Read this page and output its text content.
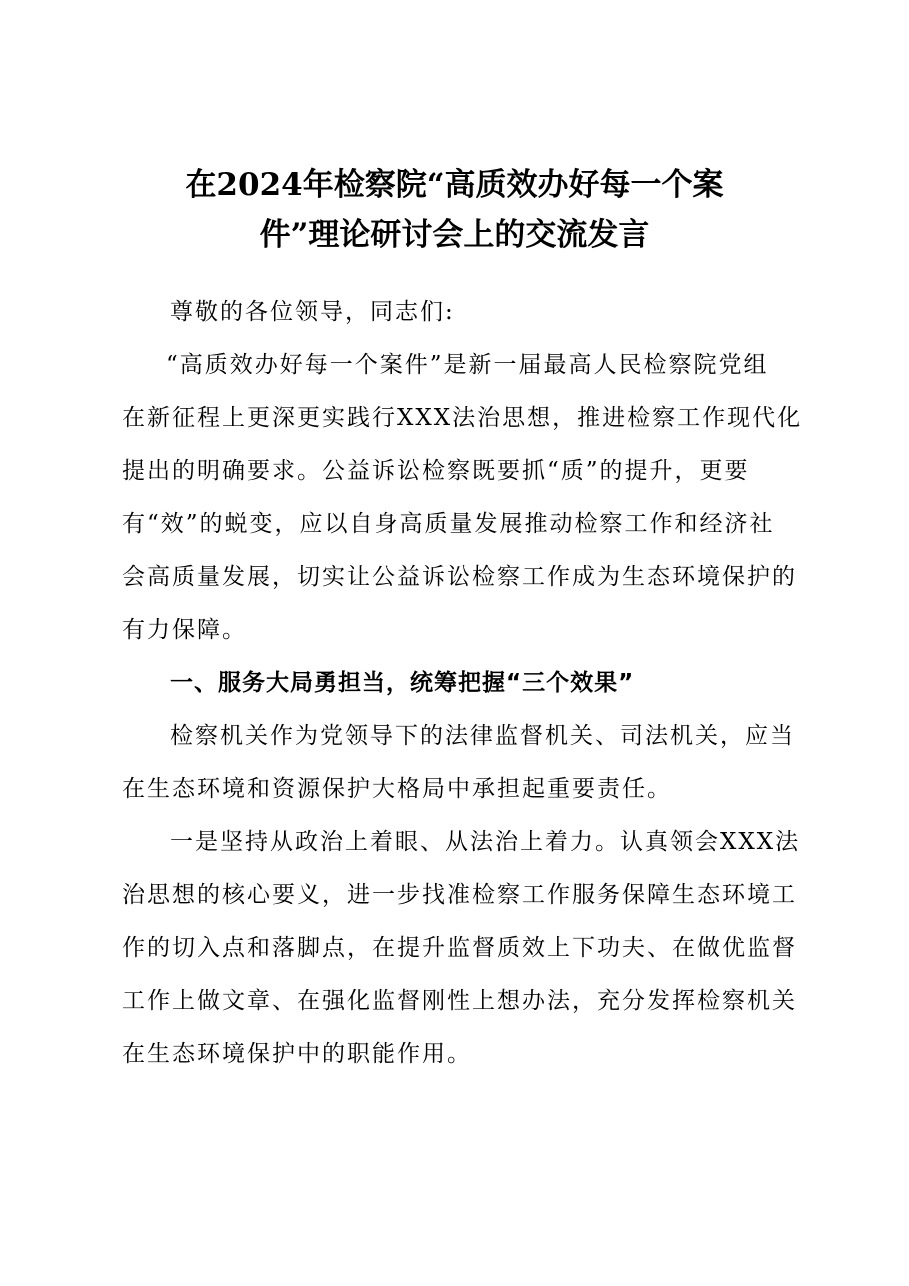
在2024年检察院“高质效办好每一个案
件”理论研讨会上的交流发言

尊敬的各位领导，同志们:

“高质效办好每一个案件”是新一届最高人民检察院党组
在新征程上更深更实践行XXX法治思想，推进检察工作现代化
提出的明确要求。公益诉讼检察既要抓“质”的提升，更要
有“效”的蜕变，应以自身高质量发展推动检察工作和经济社
会高质量发展，切实让公益诉讼检察工作成为生态环境保护的
有力保障。

一、服务大局勇担当，统筹把握“三个效果”

检察机关作为党领导下的法律监督机关、司法机关，应当
在生态环境和资源保护大格局中承担起重要责任。

一是坚持从政治上着眼、从法治上着力。认真领会XXX法
治思想的核心要义，进一步找准检察工作服务保障生态环境工
作的切入点和落脚点，在提升监督质效上下功夫、在做优监督
工作上做文章、在强化监督刚性上想办法，充分发挥检察机关
在生态环境保护中的职能作用。
